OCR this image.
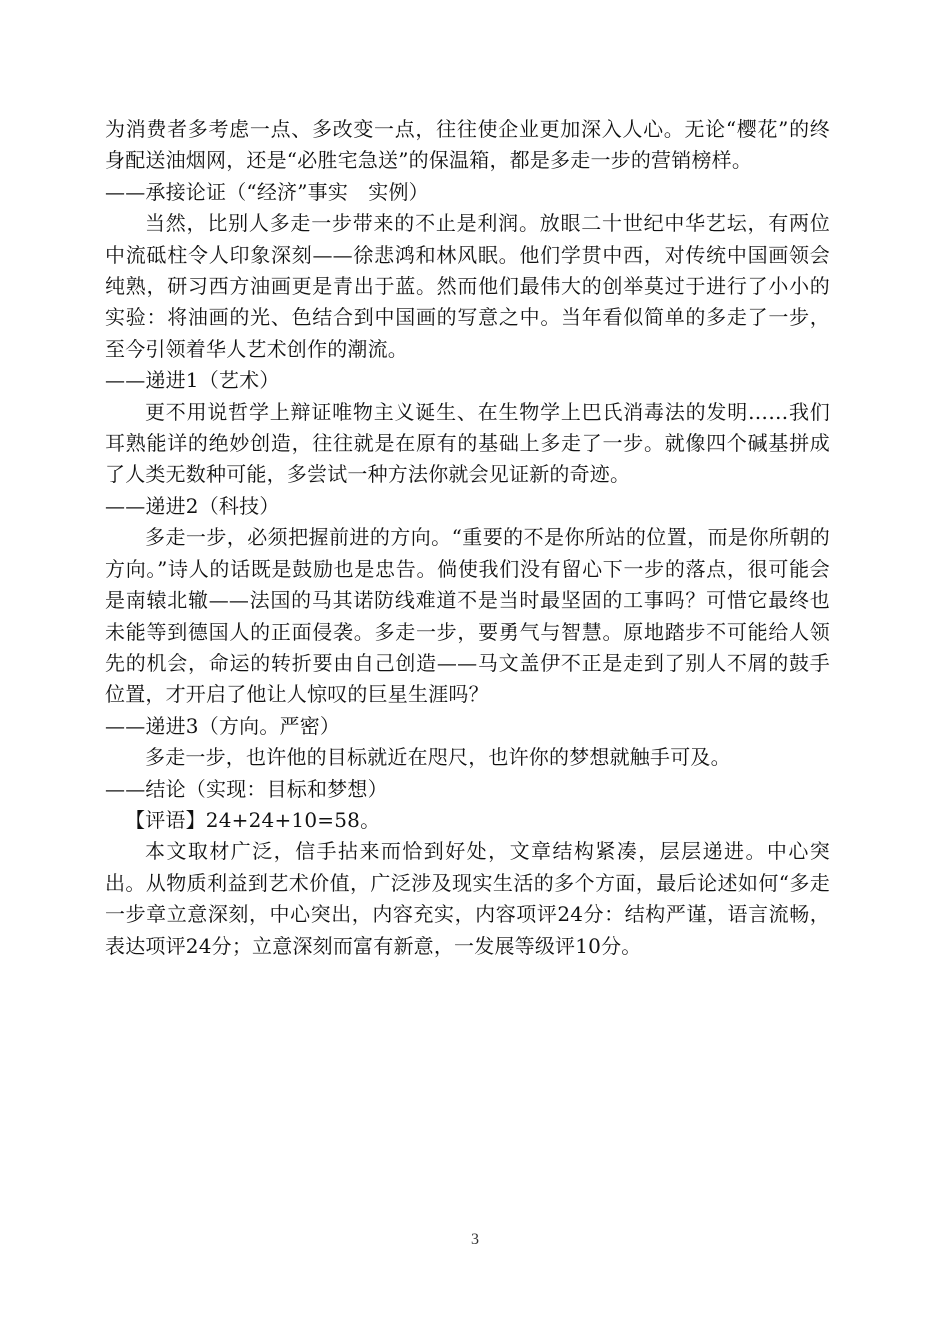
为消费者多考虑一点、多改变一点，往往使企业更加深入人心。无论“樱花”的终身配送油烟网，还是“必胜宅急送”的保温箱，都是多走一步的营销榜样。

——承接论证（“经济”事实　实例）

当然，比别人多走一步带来的不止是利润。放眼二十世纪中华艺坛，有两位中流砥柱令人印象深刻——徐悲鸿和林风眠。他们学贯中西，对传统中国画领会纯熟，研习西方油画更是青出于蓝。然而他们最伟大的创举莫过于进行了小小的实验：将油画的光、色结合到中国画的写意之中。当年看似简单的多走了一步，至今引领着华人艺术创作的潮流。

——递进1（艺术）

更不用说哲学上辩证唯物主义诞生、在生物学上巴氏消毒法的发明……我们耳熟能详的绝妙创造，往往就是在原有的基础上多走了一步。就像四个碱基拼成了人类无数种可能，多尝试一种方法你就会见证新的奇迹。

——递进2（科技）

多走一步，必须把握前进的方向。“重要的不是你所站的位置，而是你所朝的方向。”诗人的话既是鼓励也是忠告。倘使我们没有留心下一步的落点，很可能会是南辕北辙——法国的马其诺防线难道不是当时最坚固的工事吗？可惜它最终也未能等到德国人的正面侵袭。多走一步，要勇气与智慧。原地踏步不可能给人领先的机会，命运的转折要由自己创造——马文盖伊不正是走到了别人不屑的鼓手位置，才开启了他让人惊叹的巨星生涯吗？

——递进3（方向。严密）

多走一步，也许他的目标就近在咫尺，也许你的梦想就触手可及。

——结论（实现：目标和梦想）

【评语】24+24+10=58。

本文取材广泛，信手拈来而恰到好处，文章结构紧凑，层层递进。中心突出。从物质利益到艺术价值，广泛涉及现实生活的多个方面，最后论述如何“多走一步章立意深刻，中心突出，内容充实，内容项评24分：结构严谨，语言流畅，表达项评24分；立意深刻而富有新意，一发展等级评10分。

3
